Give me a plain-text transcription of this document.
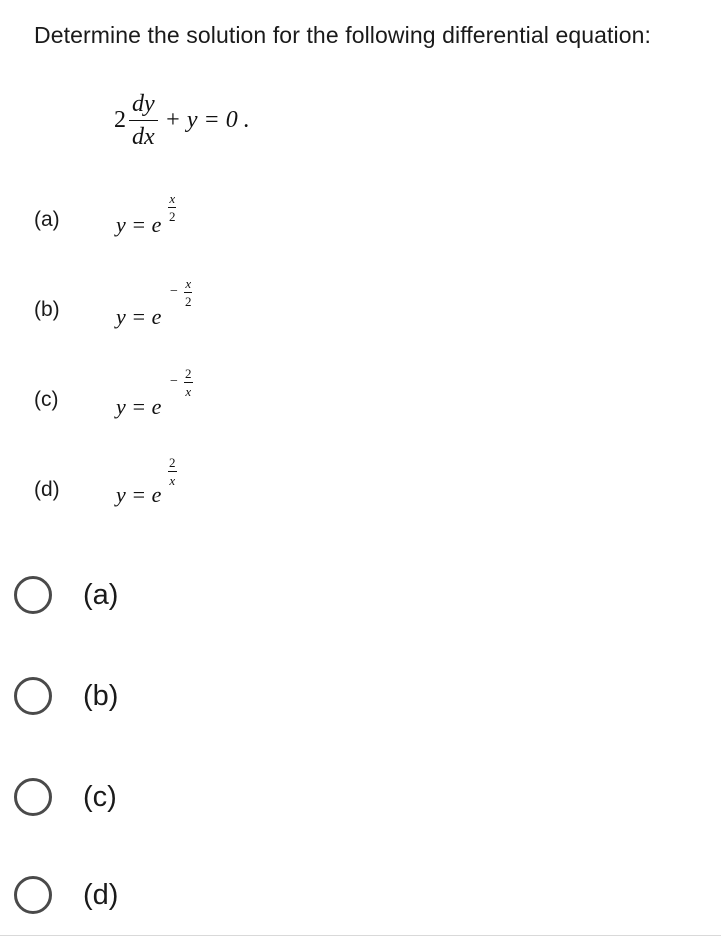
Determine the solution for the following differential equation:
$2 \frac{dy}{dx} + y = 0$ .
(a)	y = e
$\frac{x}{2}$
(b)	y = e
− $\frac{x}{2}$
(c)	y = e
− $\frac{2}{x}$
(d)	y = e
$\frac{2}{x}$
(a)
(b)
(c)
(d)
